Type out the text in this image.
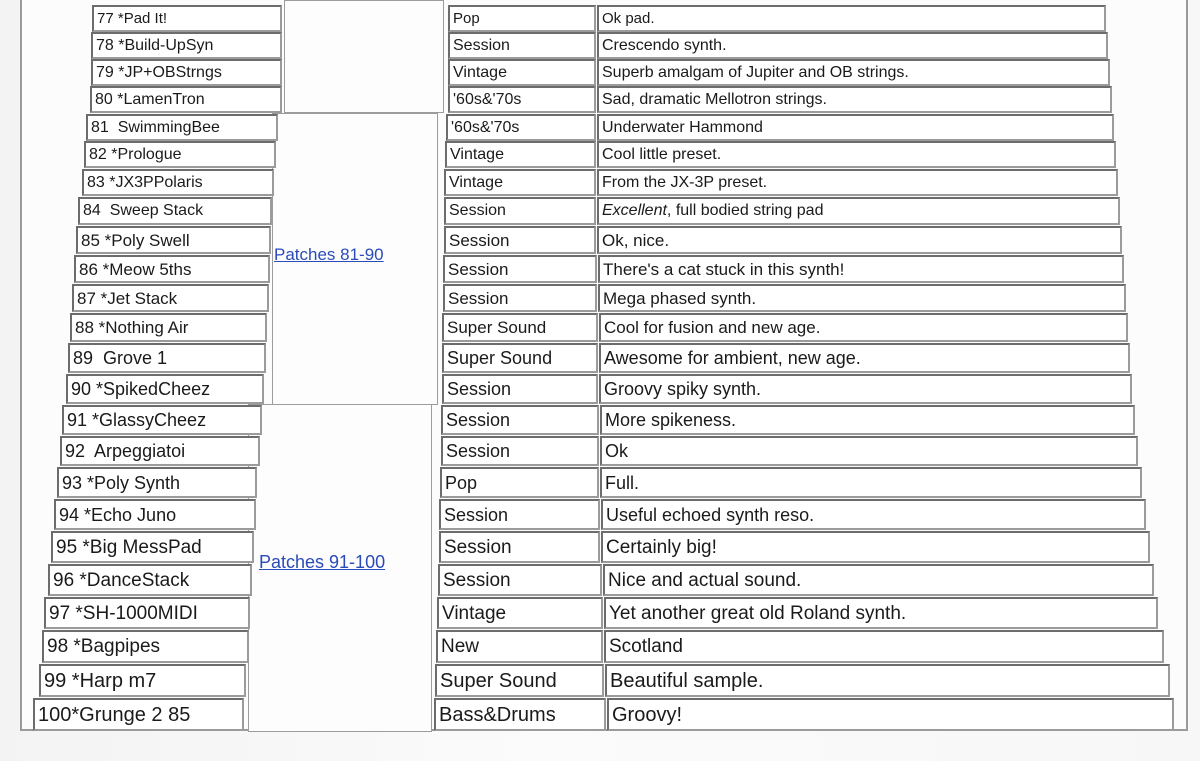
Patches 81-90
Patches 91-100
77 *Pad It!	Pop	Ok pad.
78 *Build-UpSyn	Session	Crescendo synth.
79 *JP+OBStrngs	Vintage	Superb amalgam of Jupiter and OB strings.
80 *LamenTron	'60s&'70s	Sad, dramatic Mellotron strings.
81  SwimmingBee	'60s&'70s	Underwater Hammond
82 *Prologue	Vintage	Cool little preset.
83 *JX3PPolaris	Vintage	From the JX-3P preset.
84  Sweep Stack	Session	Excellent , full bodied string pad
85 *Poly Swell	Session	Ok, nice.
86 *Meow 5ths	Session	There's a cat stuck in this synth!
87 *Jet Stack	Session	Mega phased synth.
88 *Nothing Air	Super Sound	Cool for fusion and new age.
89  Grove 1	Super Sound	Awesome for ambient, new age.
90 *SpikedCheez	Session	Groovy spiky synth.
91 *GlassyCheez	Session	More spikeness.
92  Arpeggiatoi	Session	Ok
93 *Poly Synth	Pop	Full.
94 *Echo Juno	Session	Useful echoed synth reso.
95 *Big MessPad	Session	Certainly big!
96 *DanceStack	Session	Nice and actual sound.
97 *SH-1000MIDI	Vintage	Yet another great old Roland synth.
98 *Bagpipes	New	Scotland
99 *Harp m7	Super Sound	Beautiful sample.
100*Grunge 2 85	Bass&Drums	Groovy!
